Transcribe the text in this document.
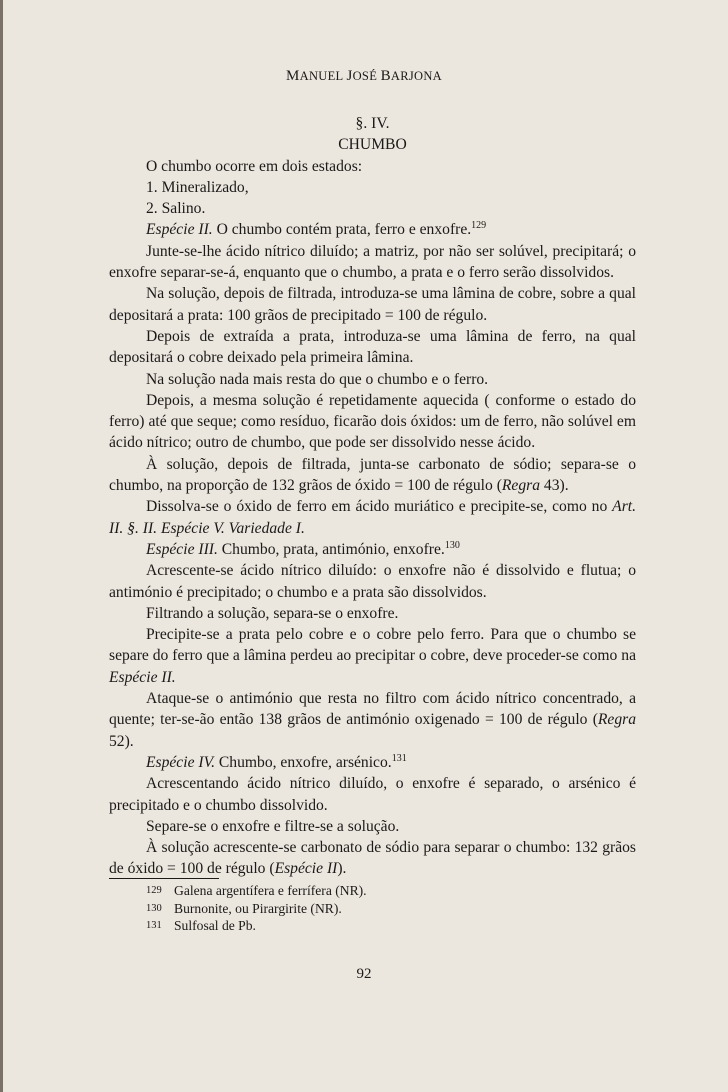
MANUEL JOSÉ BARJONA

§. IV.

CHUMBO

O chumbo ocorre em dois estados:

1. Mineralizado,

2. Salino.

Espécie II. O chumbo contém prata, ferro e enxofre.$^{129}$

Junte-se-lhe ácido nítrico diluído; a matriz, por não ser solúvel, precipitará; o enxofre separar-se-á, enquanto que o chumbo, a prata e o ferro serão dissolvidos.

Na solução, depois de filtrada, introduza-se uma lâmina de cobre, sobre a qual depositará a prata: 100 grãos de precipitado = 100 de régulo.

Depois de extraída a prata, introduza-se uma lâmina de ferro, na qual depositará o cobre deixado pela primeira lâmina.

Na solução nada mais resta do que o chumbo e o ferro.

Depois, a mesma solução é repetidamente aquecida ( conforme o estado do ferro) até que seque; como resíduo, ficarão dois óxidos: um de ferro, não solúvel em ácido nítrico; outro de chumbo, que pode ser dissolvido nesse ácido.

À solução, depois de filtrada, junta-se carbonato de sódio; separa-se o chumbo, na proporção de 132 grãos de óxido = 100 de régulo (Regra 43).

Dissolva-se o óxido de ferro em ácido muriático e precipite-se, como no Art. II. §. II. Espécie V. Variedade I.

Espécie III. Chumbo, prata, antimónio, enxofre.$^{130}$

Acrescente-se ácido nítrico diluído: o enxofre não é dissolvido e flutua; o antimónio é precipitado; o chumbo e a prata são dissolvidos.

Filtrando a solução, separa-se o enxofre.

Precipite-se a prata pelo cobre e o cobre pelo ferro. Para que o chumbo se separe do ferro que a lâmina perdeu ao precipitar o cobre, deve proceder-se como na Espécie II.

Ataque-se o antimónio que resta no filtro com ácido nítrico concentrado, a quente; ter-se-ão então 138 grãos de antimónio oxigenado = 100 de régulo (Regra 52).

Espécie IV. Chumbo, enxofre, arsénico.$^{131}$

Acrescentando ácido nítrico diluído, o enxofre é separado, o arsénico é precipitado e o chumbo dissolvido.

Separe-se o enxofre e filtre-se a solução.

À solução acrescente-se carbonato de sódio para separar o chumbo: 132 grãos de óxido = 100 de régulo (Espécie II).

129 Galena argentífera e ferrífera (NR).
130 Burnonite, ou Pirargirite (NR).
131 Sulfosal de Pb.
92
